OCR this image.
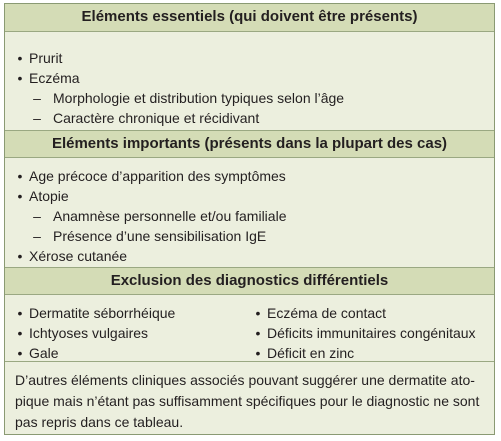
Eléments essentiels (qui doivent être présents)
• Prurit
• Eczéma
– Morphologie et distribution typiques selon l’âge
– Caractère chronique et récidivant
Eléments importants (présents dans la plupart des cas)
• Age précoce d’apparition des symptômes
• Atopie
– Anamnèse personnelle et/ou familiale
– Présence d’une sensibilisation IgE
• Xérose cutanée
Exclusion des diagnostics différentiels
• Dermatite séborrhéique
• Ichtyoses vulgaires
• Gale
• Eczéma de contact
• Déficits immunitaires congénitaux
• Déficit en zinc
D’autres éléments cliniques associés pouvant suggérer une dermatite ato-
pique mais n’étant pas suffisamment spécifiques pour le diagnostic ne sont
pas repris dans ce tableau.
